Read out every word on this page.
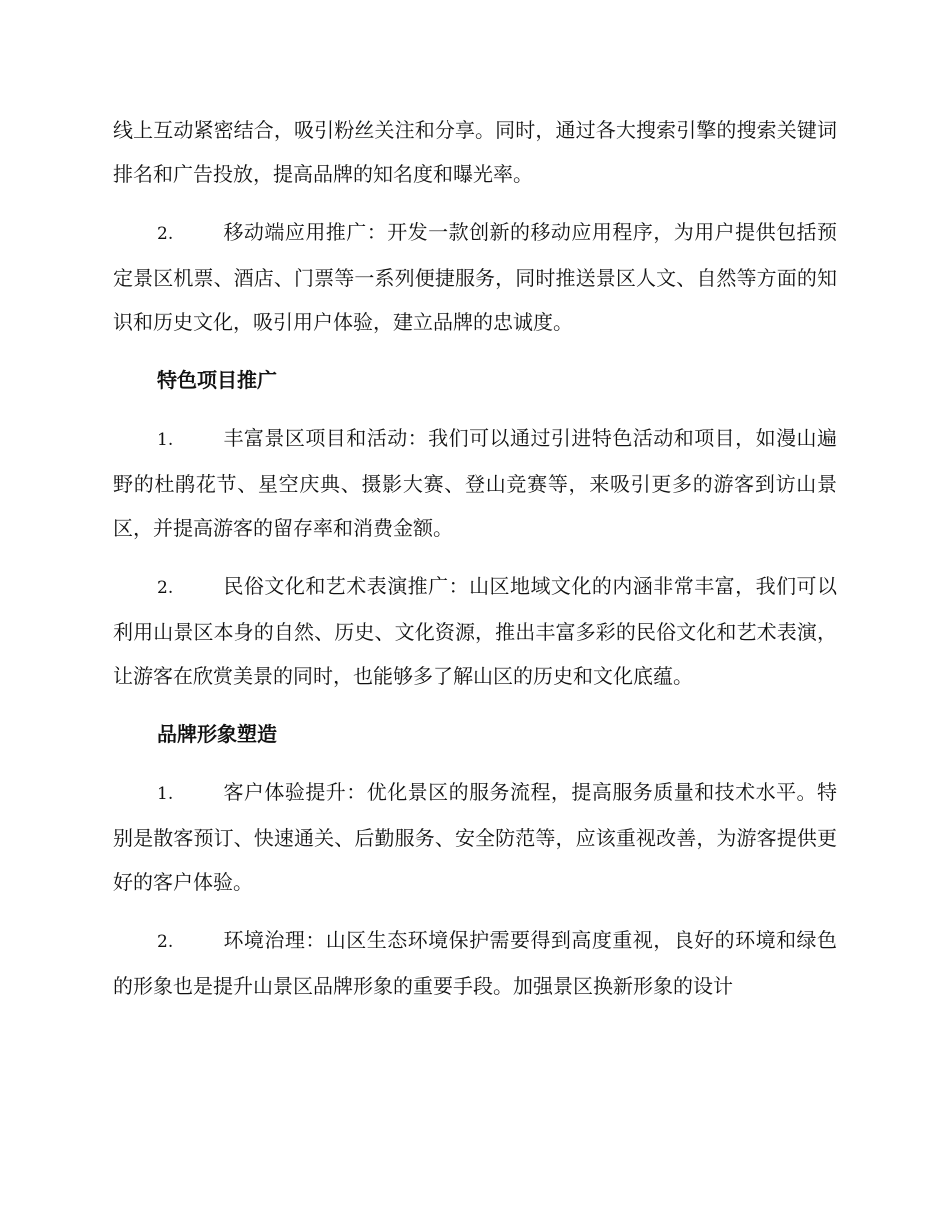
线上互动紧密结合，吸引粉丝关注和分享。同时，通过各大搜索引擎的搜索关键词排名和广告投放，提高品牌的知名度和曝光率。

2. 移动端应用推广：开发一款创新的移动应用程序，为用户提供包括预定景区机票、酒店、门票等一系列便捷服务，同时推送景区人文、自然等方面的知识和历史文化，吸引用户体验，建立品牌的忠诚度。

特色项目推广

1. 丰富景区项目和活动：我们可以通过引进特色活动和项目，如漫山遍野的杜鹃花节、星空庆典、摄影大赛、登山竞赛等，来吸引更多的游客到访山景区，并提高游客的留存率和消费金额。

2. 民俗文化和艺术表演推广：山区地域文化的内涵非常丰富，我们可以利用山景区本身的自然、历史、文化资源，推出丰富多彩的民俗文化和艺术表演，让游客在欣赏美景的同时，也能够多了解山区的历史和文化底蕴。

品牌形象塑造

1. 客户体验提升：优化景区的服务流程，提高服务质量和技术水平。特别是散客预订、快速通关、后勤服务、安全防范等，应该重视改善，为游客提供更好的客户体验。

2. 环境治理：山区生态环境保护需要得到高度重视，良好的环境和绿色的形象也是提升山景区品牌形象的重要手段。加强景区换新形象的设计
